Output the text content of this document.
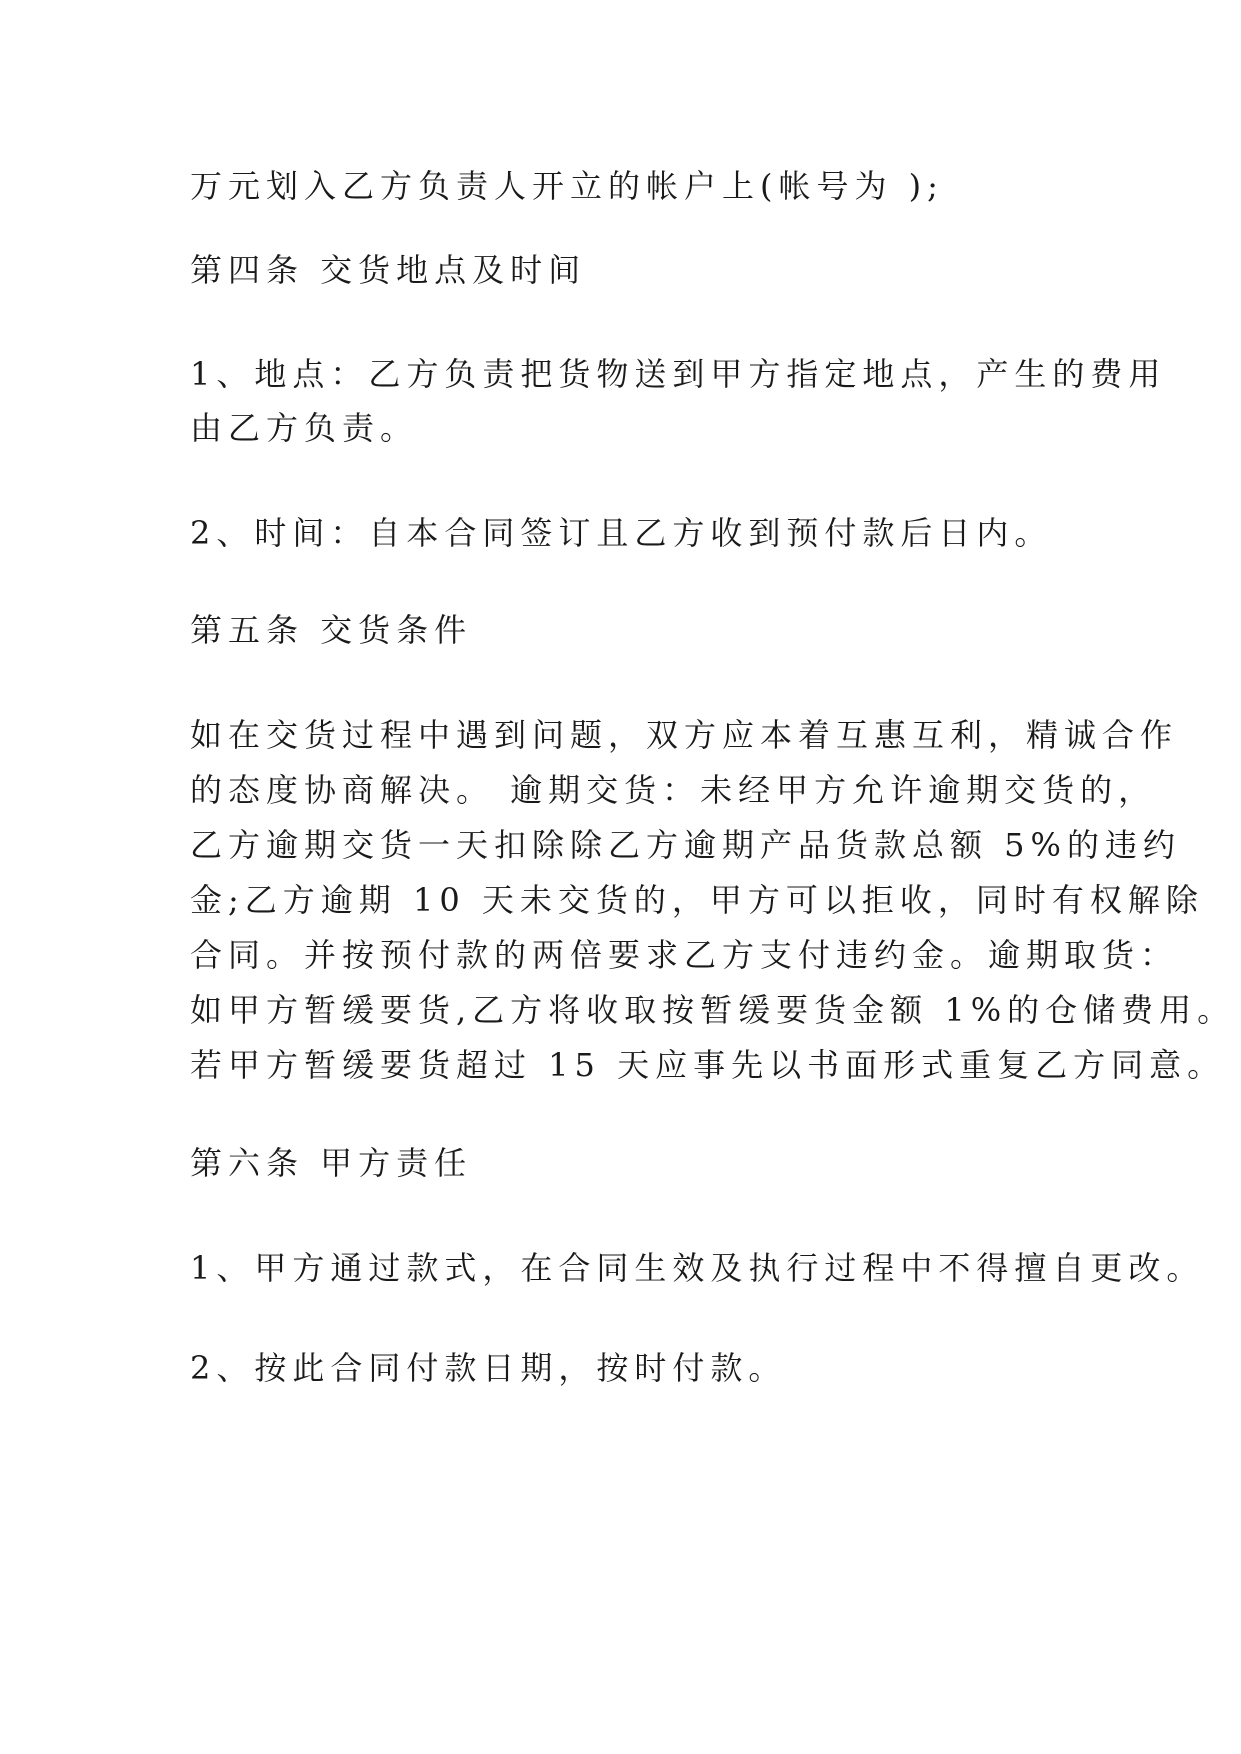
万元划入乙方负责人开立的帐户上(帐号为 );
第四条 交货地点及时间
1、地点：乙方负责把货物送到甲方指定地点，产生的费用
由乙方负责。
2、时间：自本合同签订且乙方收到预付款后日内。
第五条 交货条件
如在交货过程中遇到问题，双方应本着互惠互利，精诚合作
的态度协商解决。 逾期交货：未经甲方允许逾期交货的，
乙方逾期交货一天扣除除乙方逾期产品货款总额 5%的违约
金;乙方逾期 10 天未交货的，甲方可以拒收，同时有权解除
合同。并按预付款的两倍要求乙方支付违约金。逾期取货：
如甲方暂缓要货,乙方将收取按暂缓要货金额 1%的仓储费用。
若甲方暂缓要货超过 15 天应事先以书面形式重复乙方同意。
第六条 甲方责任
1、甲方通过款式，在合同生效及执行过程中不得擅自更改。
2、按此合同付款日期，按时付款。
